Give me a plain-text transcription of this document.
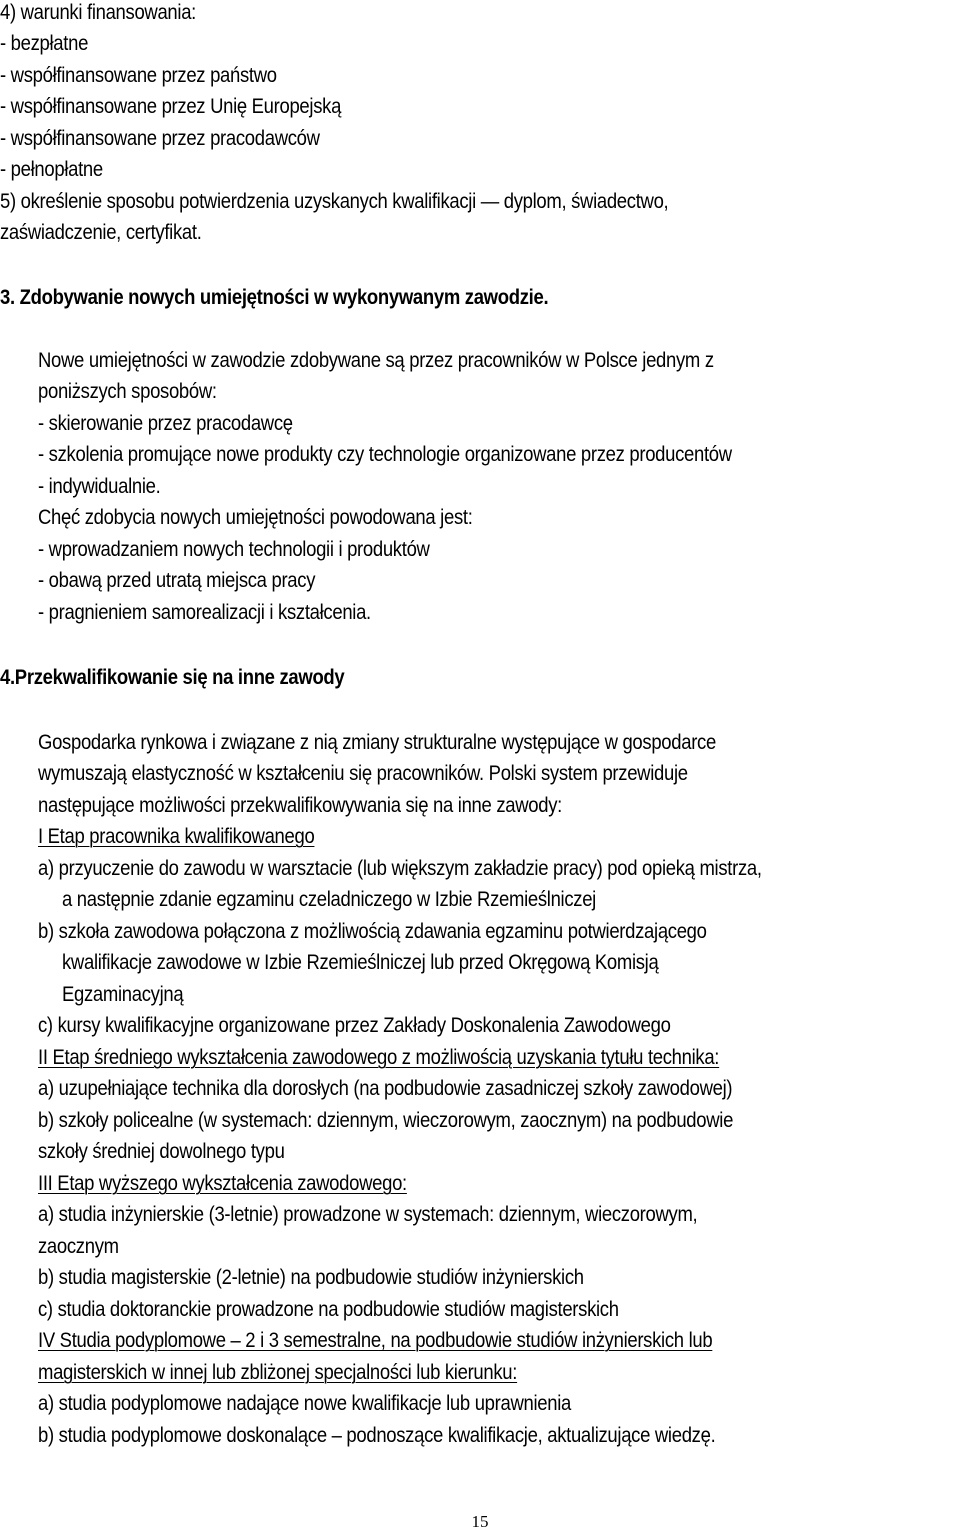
4) warunki finansowania:
- bezpłatne
- współfinansowane przez państwo
- współfinansowane przez Unię Europejską
- współfinansowane przez pracodawców
- pełnopłatne
5) określenie sposobu potwierdzenia uzyskanych kwalifikacji — dyplom, świadectwo,
zaświadczenie, certyfikat.
3. Zdobywanie nowych umiejętności w wykonywanym zawodzie.
Nowe umiejętności w zawodzie zdobywane są przez pracowników w Polsce jednym z
poniższych sposobów:
- skierowanie przez pracodawcę
- szkolenia promujące nowe produkty czy technologie organizowane przez producentów
- indywidualnie.
Chęć zdobycia nowych umiejętności powodowana jest:
- wprowadzaniem nowych technologii i produktów
- obawą przed utratą miejsca pracy
- pragnieniem samorealizacji i kształcenia.
4.Przekwalifikowanie się na inne zawody
Gospodarka rynkowa i związane z nią zmiany strukturalne występujące w gospodarce
wymuszają elastyczność w kształceniu się pracowników. Polski system przewiduje
następujące możliwości przekwalifikowywania się na inne zawody:
I Etap pracownika kwalifikowanego
a) przyuczenie do zawodu w warsztacie (lub większym zakładzie pracy) pod opieką mistrza,
a następnie zdanie egzaminu czeladniczego w Izbie Rzemieślniczej
b) szkoła zawodowa połączona z możliwością zdawania egzaminu potwierdzającego
kwalifikacje zawodowe w Izbie Rzemieślniczej lub przed Okręgową Komisją
Egzaminacyjną
c) kursy kwalifikacyjne organizowane przez Zakłady Doskonalenia Zawodowego
II Etap średniego wykształcenia zawodowego z możliwością uzyskania tytułu technika:
a) uzupełniające technika dla dorosłych (na podbudowie zasadniczej szkoły zawodowej)
b) szkoły policealne (w systemach: dziennym, wieczorowym, zaocznym) na podbudowie
szkoły średniej dowolnego typu
III Etap wyższego wykształcenia zawodowego:
a) studia inżynierskie (3-letnie) prowadzone w systemach: dziennym, wieczorowym,
zaocznym
b) studia magisterskie (2-letnie) na podbudowie studiów inżynierskich
c) studia doktoranckie prowadzone na podbudowie studiów magisterskich
IV Studia podyplomowe – 2 i 3 semestralne, na podbudowie studiów inżynierskich lub
magisterskich w innej lub zbliżonej specjalności lub kierunku:
a) studia podyplomowe nadające nowe kwalifikacje lub uprawnienia
b) studia podyplomowe doskonalące – podnoszące kwalifikacje, aktualizujące wiedzę.
15
